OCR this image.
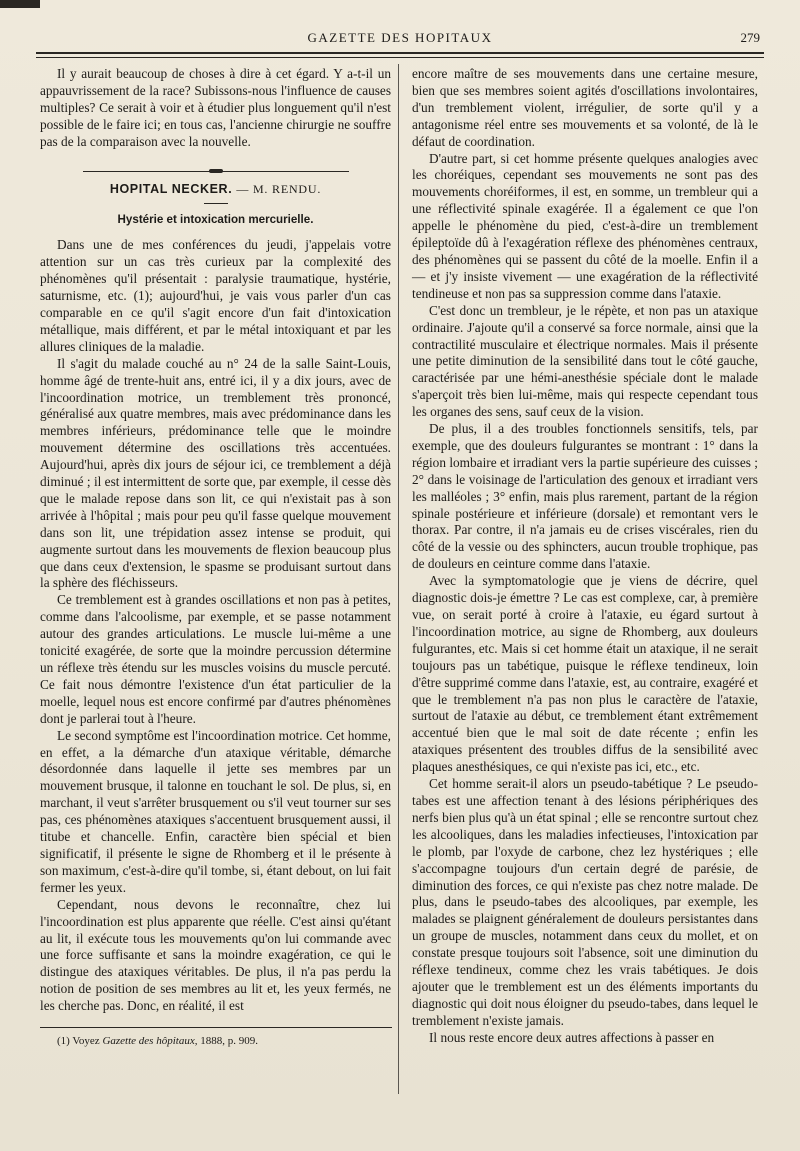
GAZETTE DES HOPITAUX	279

Il y aurait beaucoup de choses à dire à cet égard. Y a-t-il un appauvrissement de la race? Subissons-nous l'influence de causes multiples? Ce serait à voir et à étudier plus longuement qu'il n'est possible de le faire ici; en tous cas, l'ancienne chirurgie ne souffre pas de la comparaison avec la nouvelle.

HOPITAL NECKER. — M. RENDU.
Hystérie et intoxication mercurielle.

Dans une de mes conférences du jeudi, j'appelais votre attention sur un cas très curieux par la complexité des phénomènes qu'il présentait : paralysie traumatique, hystérie, saturnisme, etc. (1); aujourd'hui, je vais vous parler d'un cas comparable en ce qu'il s'agit encore d'un fait d'intoxication métallique, mais différent, et par le métal intoxiquant et par les allures cliniques de la maladie.

Il s'agit du malade couché au n° 24 de la salle Saint-Louis, homme âgé de trente-huit ans, entré ici, il y a dix jours, avec de l'incoordination motrice, un tremblement très prononcé, généralisé aux quatre membres, mais avec prédominance dans les membres inférieurs, prédominance telle que le moindre mouvement détermine des oscillations très accentuées. Aujourd'hui, après dix jours de séjour ici, ce tremblement a déjà diminué ; il est intermittent de sorte que, par exemple, il cesse dès que le malade repose dans son lit, ce qui n'existait pas à son arrivée à l'hôpital ; mais pour peu qu'il fasse quelque mouvement dans son lit, une trépidation assez intense se produit, qui augmente surtout dans les mouvements de flexion beaucoup plus que dans ceux d'extension, le spasme se produisant surtout dans la sphère des fléchisseurs.

Ce tremblement est à grandes oscillations et non pas à petites, comme dans l'alcoolisme, par exemple, et se passe notamment autour des grandes articulations. Le muscle lui-même a une tonicité exagérée, de sorte que la moindre percussion détermine un réflexe très étendu sur les muscles voisins du muscle percuté. Ce fait nous démontre l'existence d'un état particulier de la moelle, lequel nous est encore confirmé par d'autres phénomènes dont je parlerai tout à l'heure.

Le second symptôme est l'incoordination motrice. Cet homme, en effet, a la démarche d'un ataxique véritable, démarche désordonnée dans laquelle il jette ses membres par un mouvement brusque, il talonne en touchant le sol. De plus, si, en marchant, il veut s'arrêter brusquement ou s'il veut tourner sur ses pas, ces phénomènes ataxiques s'accentuent brusquement aussi, il titube et chancelle. Enfin, caractère bien spécial et bien significatif, il présente le signe de Rhomberg et il le présente à son maximum, c'est-à-dire qu'il tombe, si, étant debout, on lui fait fermer les yeux.

Cependant, nous devons le reconnaître, chez lui l'incoordination est plus apparente que réelle. C'est ainsi qu'étant au lit, il exécute tous les mouvements qu'on lui commande avec une force suffisante et sans la moindre exagération, ce qui le distingue des ataxiques véritables. De plus, il n'a pas perdu la notion de position de ses membres au lit et, les yeux fermés, ne les cherche pas. Donc, en réalité, il est

(1) Voyez Gazette des hôpitaux, 1888, p. 909.

encore maître de ses mouvements dans une certaine mesure, bien que ses membres soient agités d'oscillations involontaires, d'un tremblement violent, irrégulier, de sorte qu'il y a antagonisme réel entre ses mouvements et sa volonté, de là le défaut de coordination.

D'autre part, si cet homme présente quelques analogies avec les choréiques, cependant ses mouvements ne sont pas des mouvements choréiformes, il est, en somme, un trembleur qui a une réflectivité spinale exagérée. Il a également ce que l'on appelle le phénomène du pied, c'est-à-dire un tremblement épileptoïde dû à l'exagération réflexe des phénomènes centraux, des phénomènes qui se passent du côté de la moelle. Enfin il a — et j'y insiste vivement — une exagération de la réflectivité tendineuse et non pas sa suppression comme dans l'ataxie.

C'est donc un trembleur, je le répète, et non pas un ataxique ordinaire. J'ajoute qu'il a conservé sa force normale, ainsi que la contractilité musculaire et électrique normales. Mais il présente une petite diminution de la sensibilité dans tout le côté gauche, caractérisée par une hémi-anesthésie spéciale dont le malade s'aperçoit très bien lui-même, mais qui respecte cependant tous les organes des sens, sauf ceux de la vision.

De plus, il a des troubles fonctionnels sensitifs, tels, par exemple, que des douleurs fulgurantes se montrant : 1° dans la région lombaire et irradiant vers la partie supérieure des cuisses ; 2° dans le voisinage de l'articulation des genoux et irradiant vers les malléoles ; 3° enfin, mais plus rarement, partant de la région spinale postérieure et inférieure (dorsale) et remontant vers le thorax. Par contre, il n'a jamais eu de crises viscérales, rien du côté de la vessie ou des sphincters, aucun trouble trophique, pas de douleurs en ceinture comme dans l'ataxie.

Avec la symptomatologie que je viens de décrire, quel diagnostic dois-je émettre ? Le cas est complexe, car, à première vue, on serait porté à croire à l'ataxie, eu égard surtout à l'incoordination motrice, au signe de Rhomberg, aux douleurs fulgurantes, etc. Mais si cet homme était un ataxique, il ne serait toujours pas un tabétique, puisque le réflexe tendineux, loin d'être supprimé comme dans l'ataxie, est, au contraire, exagéré et que le tremblement n'a pas non plus le caractère de l'ataxie, surtout de l'ataxie au début, ce tremblement étant extrêmement accentué bien que le mal soit de date récente ; enfin les ataxiques présentent des troubles diffus de la sensibilité avec plaques anesthésiques, ce qui n'existe pas ici, etc., etc.

Cet homme serait-il alors un pseudo-tabétique ? Le pseudo-tabes est une affection tenant à des lésions périphériques des nerfs bien plus qu'à un état spinal ; elle se rencontre surtout chez les alcooliques, dans les maladies infectieuses, l'intoxication par le plomb, par l'oxyde de carbone, chez lez hystériques ; elle s'accompagne toujours d'un certain degré de parésie, de diminution des forces, ce qui n'existe pas chez notre malade. De plus, dans le pseudo-tabes des alcooliques, par exemple, les malades se plaignent généralement de douleurs persistantes dans un groupe de muscles, notamment dans ceux du mollet, et on constate presque toujours soit l'absence, soit une diminution du réflexe tendineux, comme chez les vrais tabétiques. Je dois ajouter que le tremblement est un des éléments importants du diagnostic qui doit nous éloigner du pseudo-tabes, dans lequel le tremblement n'existe jamais.

Il nous reste encore deux autres affections à passer en
